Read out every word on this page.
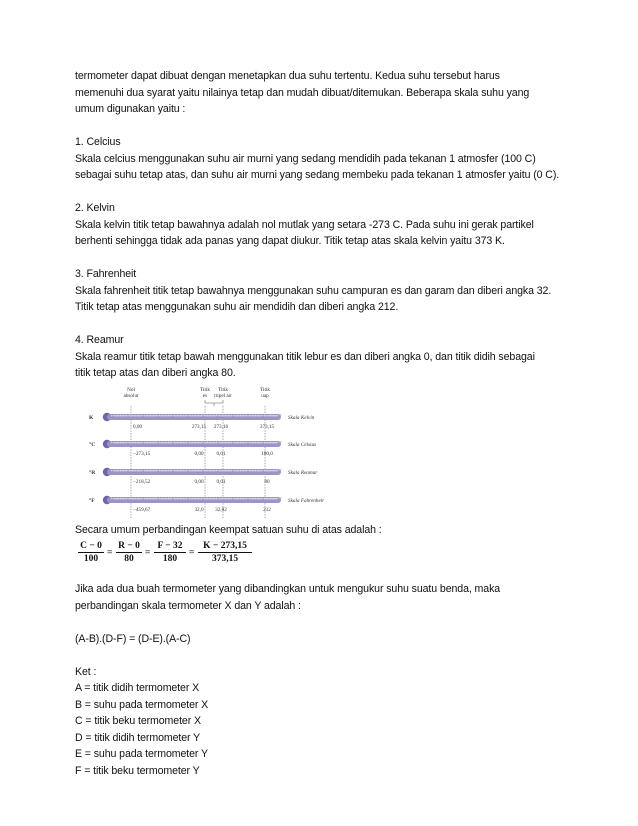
termometer dapat dibuat dengan menetapkan dua suhu tertentu. Kedua suhu tersebut harus

memenuhi dua syarat yaitu nilainya tetap dan mudah dibuat/ditemukan. Beberapa skala suhu yang

umum digunakan yaitu :

1. Celcius

Skala celcius menggunakan suhu air murni yang sedang mendidih pada tekanan 1 atmosfer (100 C)

sebagai suhu tetap atas, dan suhu air murni yang sedang membeku pada tekanan 1 atmosfer yaitu (0 C).

2. Kelvin

Skala kelvin titik tetap bawahnya adalah nol mutlak yang setara -273 C. Pada suhu ini gerak partikel

berhenti sehingga tidak ada panas yang dapat diukur. Titik tetap atas skala kelvin yaitu 373 K.

3. Fahrenheit

Skala fahrenheit titik tetap bawahnya menggunakan suhu campuran es dan garam dan diberi angka 32.

Titik tetap atas menggunakan suhu air mendidih dan diberi angka 212.

4. Reamur

Skala reamur titik tetap bawah menggunakan titik lebur es dan diberi angka 0, dan titik didih sebagai

titik tetap atas dan diberi angka 80.

Nol
absolut
Titik
es
Titik
tripel air
Titik
uap
K	Skala Kelvin
0,00	273,15 273,16	373,15
°C	Skala Celsius
−273,15	0,00 0,01	100,0
°R	Skala Reamur
−218,52	0,00 0,01	80
°F	Skala Fahrenheit
−459,67	32,0 32,02	212

Secara umum perbandingan keempat satuan suhu di atas adalah :

$\frac{C - 0}{100} = \frac{R - 0}{80} = \frac{F - 32}{180} = \frac{K - 273,15}{373,15}$

Jika ada dua buah termometer yang dibandingkan untuk mengukur suhu suatu benda, maka

perbandingan skala termometer X dan Y adalah :

(A-B).(D-F) = (D-E).(A-C)

Ket :

A = titik didih termometer X

B = suhu pada termometer X

C = titik beku termometer X

D = titik didih termometer Y

E = suhu pada termometer Y

F = titik beku termometer Y
